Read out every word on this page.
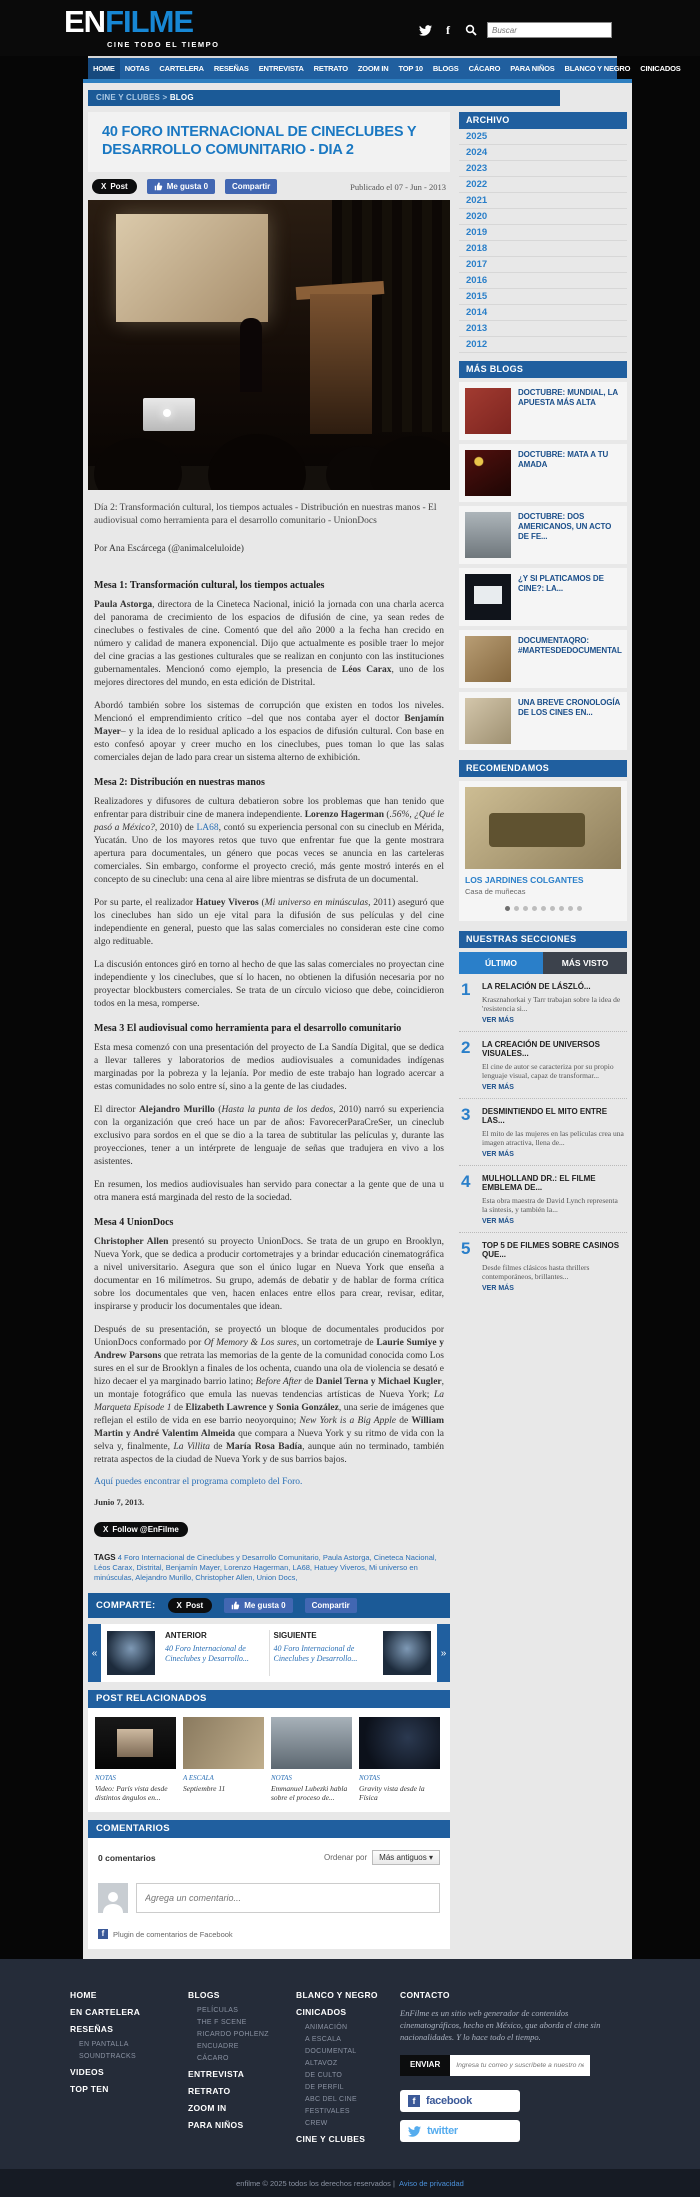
ENFILME
CINE TODO EL TIEMPO
f
Buscar
HOME	NOTAS	CARTELERA	RESEÑAS	ENTREVISTA	RETRATO	ZOOM IN	TOP 10	BLOGS	CÁCARO	PARA NIÑOS	BLANCO Y NEGRO	CINICADOS
CINE Y CLUBES > BLOG
40 FORO INTERNACIONAL DE CINECLUBES Y DESARROLLO COMUNITARIO - DIA 2
X Post	Me gusta 0	Compartir	Publicado el 07 - Jun - 2013
Día 2: Transformación cultural, los tiempos actuales - Distribución en nuestras manos - El audiovisual como herramienta para el desarrollo comunitario - UnionDocs
Por Ana Escárcega (@animalceluloide)
Mesa 1: Transformación cultural, los tiempos actuales

Paula Astorga, directora de la Cineteca Nacional, inició la jornada con una charla acerca del panorama de crecimiento de los espacios de difusión de cine, ya sean redes de cineclubes o festivales de cine. Comentó que del año 2000 a la fecha han crecido en número y calidad de manera exponencial. Dijo que actualmente es posible traer lo mejor del cine gracias a las gestiones culturales que se realizan en conjunto con las instituciones gubernamentales. Mencionó como ejemplo, la presencia de Léos Carax, uno de los mejores directores del mundo, en esta edición de Distrital.

Abordó también sobre los sistemas de corrupción que existen en todos los niveles. Mencionó el emprendimiento crítico –del que nos contaba ayer el doctor Benjamín Mayer– y la idea de lo residual aplicado a los espacios de difusión cultural. Con base en esto confesó apoyar y creer mucho en los cineclubes, pues toman lo que las salas comerciales dejan de lado para crear un sistema alterno de exhibición.

Mesa 2: Distribución en nuestras manos

Realizadores y difusores de cultura debatieron sobre los problemas que han tenido que enfrentar para distribuir cine de manera independiente. Lorenzo Hagerman (.56%, ¿Qué le pasó a México?, 2010) de LA68, contó su experiencia personal con su cineclub en Mérida, Yucatán. Uno de los mayores retos que tuvo que enfrentar fue que la gente mostrara apertura para documentales, un género que pocas veces se anuncia en las carteleras comerciales. Sin embargo, conforme el proyecto creció, más gente mostró interés en el concepto de su cineclub: una cena al aire libre mientras se disfruta de un documental.

Por su parte, el realizador Hatuey Viveros (Mi universo en minúsculas, 2011) aseguró que los cineclubes han sido un eje vital para la difusión de sus películas y del cine independiente en general, puesto que las salas comerciales no consideran este cine como algo redituable.

La discusión entonces giró en torno al hecho de que las salas comerciales no proyectan cine independiente y los cineclubes, que sí lo hacen, no obtienen la difusión necesaria por no proyectar blockbusters comerciales. Se trata de un círculo vicioso que debe, coincidieron todos en la mesa, romperse.

Mesa 3 El audiovisual como herramienta para el desarrollo comunitario

Esta mesa comenzó con una presentación del proyecto de La Sandía Digital, que se dedica a llevar talleres y laboratorios de medios audiovisuales a comunidades indígenas marginadas por la pobreza y la lejanía. Por medio de este trabajo han logrado acercar a estas comunidades no solo entre sí, sino a la gente de las ciudades.

El director Alejandro Murillo (Hasta la punta de los dedos, 2010) narró su experiencia con la organización que creó hace un par de años: FavorecerParaCreSer, un cineclub exclusivo para sordos en el que se dio a la tarea de subtitular las películas y, durante las proyecciones, tener a un intérprete de lenguaje de señas que tradujera en vivo a los asistentes.

En resumen, los medios audiovisuales han servido para conectar a la gente que de una u otra manera está marginada del resto de la sociedad.

Mesa 4 UnionDocs

Christopher Allen presentó su proyecto UnionDocs. Se trata de un grupo en Brooklyn, Nueva York, que se dedica a producir cortometrajes y a brindar educación cinematográfica a nivel universitario. Asegura que son el único lugar en Nueva York que enseña a documentar en 16 milímetros. Su grupo, además de debatir y de hablar de forma crítica sobre los documentales que ven, hacen enlaces entre ellos para crear, revisar, editar, inspirarse y producir los documentales que idean.

Después de su presentación, se proyectó un bloque de documentales producidos por UnionDocs conformado por Of Memory & Los sures, un cortometraje de Laurie Sumiye y Andrew Parsons que retrata las memorias de la gente de la comunidad conocida como Los sures en el sur de Brooklyn a finales de los ochenta, cuando una ola de violencia se desató e hizo decaer el ya marginado barrio latino; Before After de Daniel Terna y Michael Kugler, un montaje fotográfico que emula las nuevas tendencias artísticas de Nueva York; La Marqueta Episode 1 de Elizabeth Lawrence y Sonia González, una serie de imágenes que reflejan el estilo de vida en ese barrio neoyorquino; New York is a Big Apple de William Martin y André Valentim Almeida que compara a Nueva York y su ritmo de vida con la selva y, finalmente, La Villita de María Rosa Badía, aunque aún no terminado, también retrata aspectos de la ciudad de Nueva York y de sus barrios bajos.

Aquí puedes encontrar el programa completo del Foro.
Junio 7, 2013.
X Follow @EnFilme
TAGS 4 Foro Internacional de Cineclubes y Desarrollo Comunitario, Paula Astorga, Cineteca Nacional, Léos Carax, Distrital, Benjamín Mayer, Lorenzo Hagerman, LA68, Hatuey Viveros, Mi universo en minúsculas, Alejandro Murillo, Christopher Allen, Union Docs,
COMPARTE:	X Post	Me gusta 0	Compartir
«
ANTERIOR
40 Foro Internacional de Cineclubes y Desarrollo...
SIGUIENTE
40 Foro Internacional de Cineclubes y Desarrollo...	»
POST RELACIONADOS
NOTAS
Video: París vista desde distintos ángulos en...
A ESCALA
Septiembre 11
NOTAS
Emmanuel Lubezki habla sobre el proceso de...
NOTAS
Gravity vista desde la Física
COMENTARIOS
0 comentarios	Ordenar por	Más antiguos ▾
Agrega un comentario...
f	Plugin de comentarios de Facebook
ARCHIVO
2025
2024
2023
2022
2021
2020
2019
2018
2017
2016
2015
2014
2013
2012
MÁS BLOGS
DOCTUBRE: MUNDIAL, LA APUESTA MÁS ALTA
DOCTUBRE: MATA A TU AMADA
DOCTUBRE: DOS AMERICANOS, UN ACTO DE FE...
¿Y SI PLATICAMOS DE CINE?: LA...
DOCUMENTAQRO: #MARTESDEDOCUMENTAL
UNA BREVE CRONOLOGÍA DE LOS CINES EN...
RECOMENDAMOS
LOS JARDINES COLGANTES
Casa de muñecas
NUESTRAS SECCIONES
ÚLTIMO	MÁS VISTO
1	LA RELACIÓN DE LÁSZLÓ...
Krasznahorkai y Tarr trabajan sobre la idea de 'resistencia si...
VER MÁS
2	LA CREACIÓN DE UNIVERSOS VISUALES...
El cine de autor se caracteriza por su propio lenguaje visual, capaz de transformar...
VER MÁS
3	DESMINTIENDO EL MITO ENTRE LAS...
El mito de las mujeres en las películas crea una imagen atractiva, llena de...
VER MÁS
4	MULHOLLAND DR.: EL FILME EMBLEMA DE...
Esta obra maestra de David Lynch representa la síntesis, y también la...
VER MÁS
5	TOP 5 DE FILMES SOBRE CASINOS QUE...
Desde filmes clásicos hasta thrillers contemporáneos, brillantes...
VER MÁS
HOME
EN CARTELERA
RESEÑAS
EN PANTALLA
SOUNDTRACKS
VIDEOS
TOP TEN
BLOGS
PELÍCULAS
THE F SCENE
RICARDO POHLENZ
ENCUADRE
CÁCARO
ENTREVISTA
RETRATO
ZOOM IN
PARA NIÑOS
BLANCO Y NEGRO
CINICADOS
ANIMACIÓN
A ESCALA
DOCUMENTAL
ALTAVOZ
DE CULTO
DE PERFIL
ABC DEL CINE
FESTIVALES
CREW
CINE Y CLUBES
CONTACTO
EnFilme es un sitio web generador de contenidos cinematográficos, hecho en México, que aborda el cine sin nacionalidades. Y lo hace todo el tiempo.
ENVIAR
Ingresa tu correo y suscríbete a nuestro newsletter
f facebook
twitter
enfilme © 2025 todos los derechos reservados | Aviso de privacidad
